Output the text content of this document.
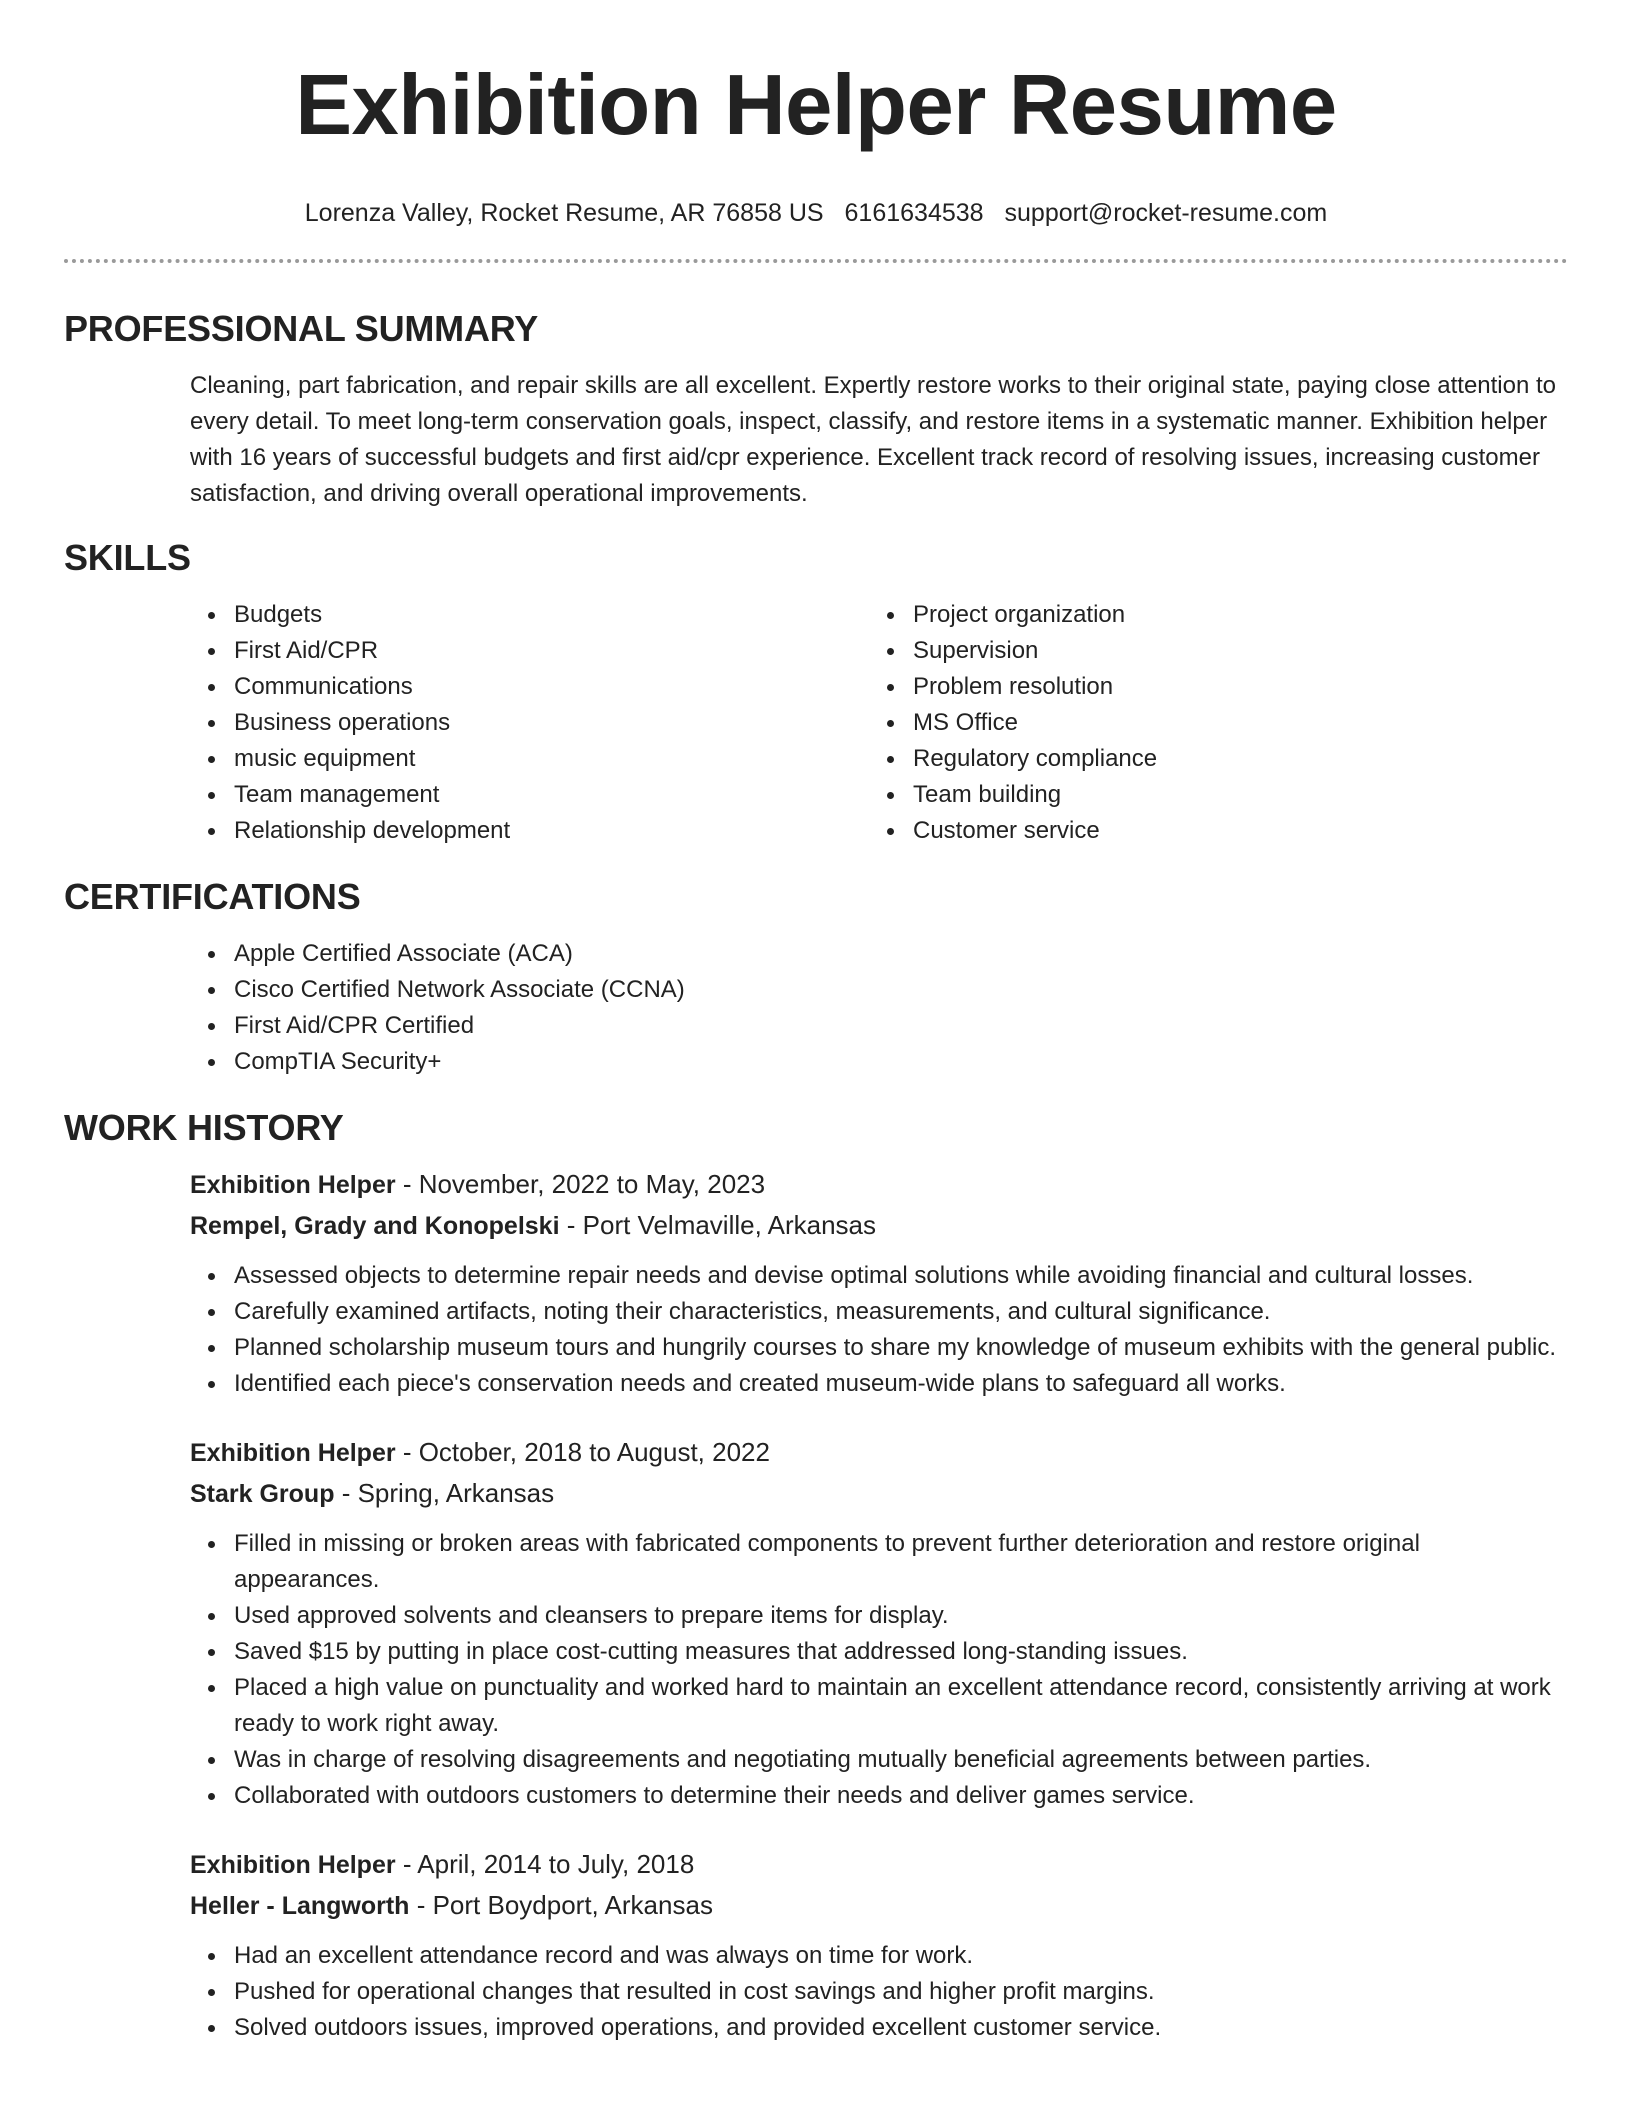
Exhibition Helper Resume
Lorenza Valley, Rocket Resume, AR 76858 US 6161634538 support@rocket-resume.com
PROFESSIONAL SUMMARY

Cleaning, part fabrication, and repair skills are all excellent. Expertly restore works to their original state, paying close attention to every detail. To meet long-term conservation goals, inspect, classify, and restore items in a systematic manner. Exhibition helper with 16 years of successful budgets and first aid/cpr experience. Excellent track record of resolving issues, increasing customer satisfaction, and driving overall operational improvements.

SKILLS
Budgets
First Aid/CPR
Communications
Business operations
music equipment
Team management
Relationship development
Project organization
Supervision
Problem resolution
MS Office
Regulatory compliance
Team building
Customer service
CERTIFICATIONS
Apple Certified Associate (ACA)
Cisco Certified Network Associate (CCNA)
First Aid/CPR Certified
CompTIA Security+
WORK HISTORY
Exhibition Helper - November, 2022 to May, 2023
Rempel, Grady and Konopelski - Port Velmaville, Arkansas
Assessed objects to determine repair needs and devise optimal solutions while avoiding financial and cultural losses.
Carefully examined artifacts, noting their characteristics, measurements, and cultural significance.
Planned scholarship museum tours and hungrily courses to share my knowledge of museum exhibits with the general public.
Identified each piece's conservation needs and created museum-wide plans to safeguard all works.
Exhibition Helper - October, 2018 to August, 2022
Stark Group - Spring, Arkansas
Filled in missing or broken areas with fabricated components to prevent further deterioration and restore original appearances.
Used approved solvents and cleansers to prepare items for display.
Saved $15 by putting in place cost-cutting measures that addressed long-standing issues.
Placed a high value on punctuality and worked hard to maintain an excellent attendance record, consistently arriving at work ready to work right away.
Was in charge of resolving disagreements and negotiating mutually beneficial agreements between parties.
Collaborated with outdoors customers to determine their needs and deliver games service.
Exhibition Helper - April, 2014 to July, 2018
Heller - Langworth - Port Boydport, Arkansas
Had an excellent attendance record and was always on time for work.
Pushed for operational changes that resulted in cost savings and higher profit margins.
Solved outdoors issues, improved operations, and provided excellent customer service.
